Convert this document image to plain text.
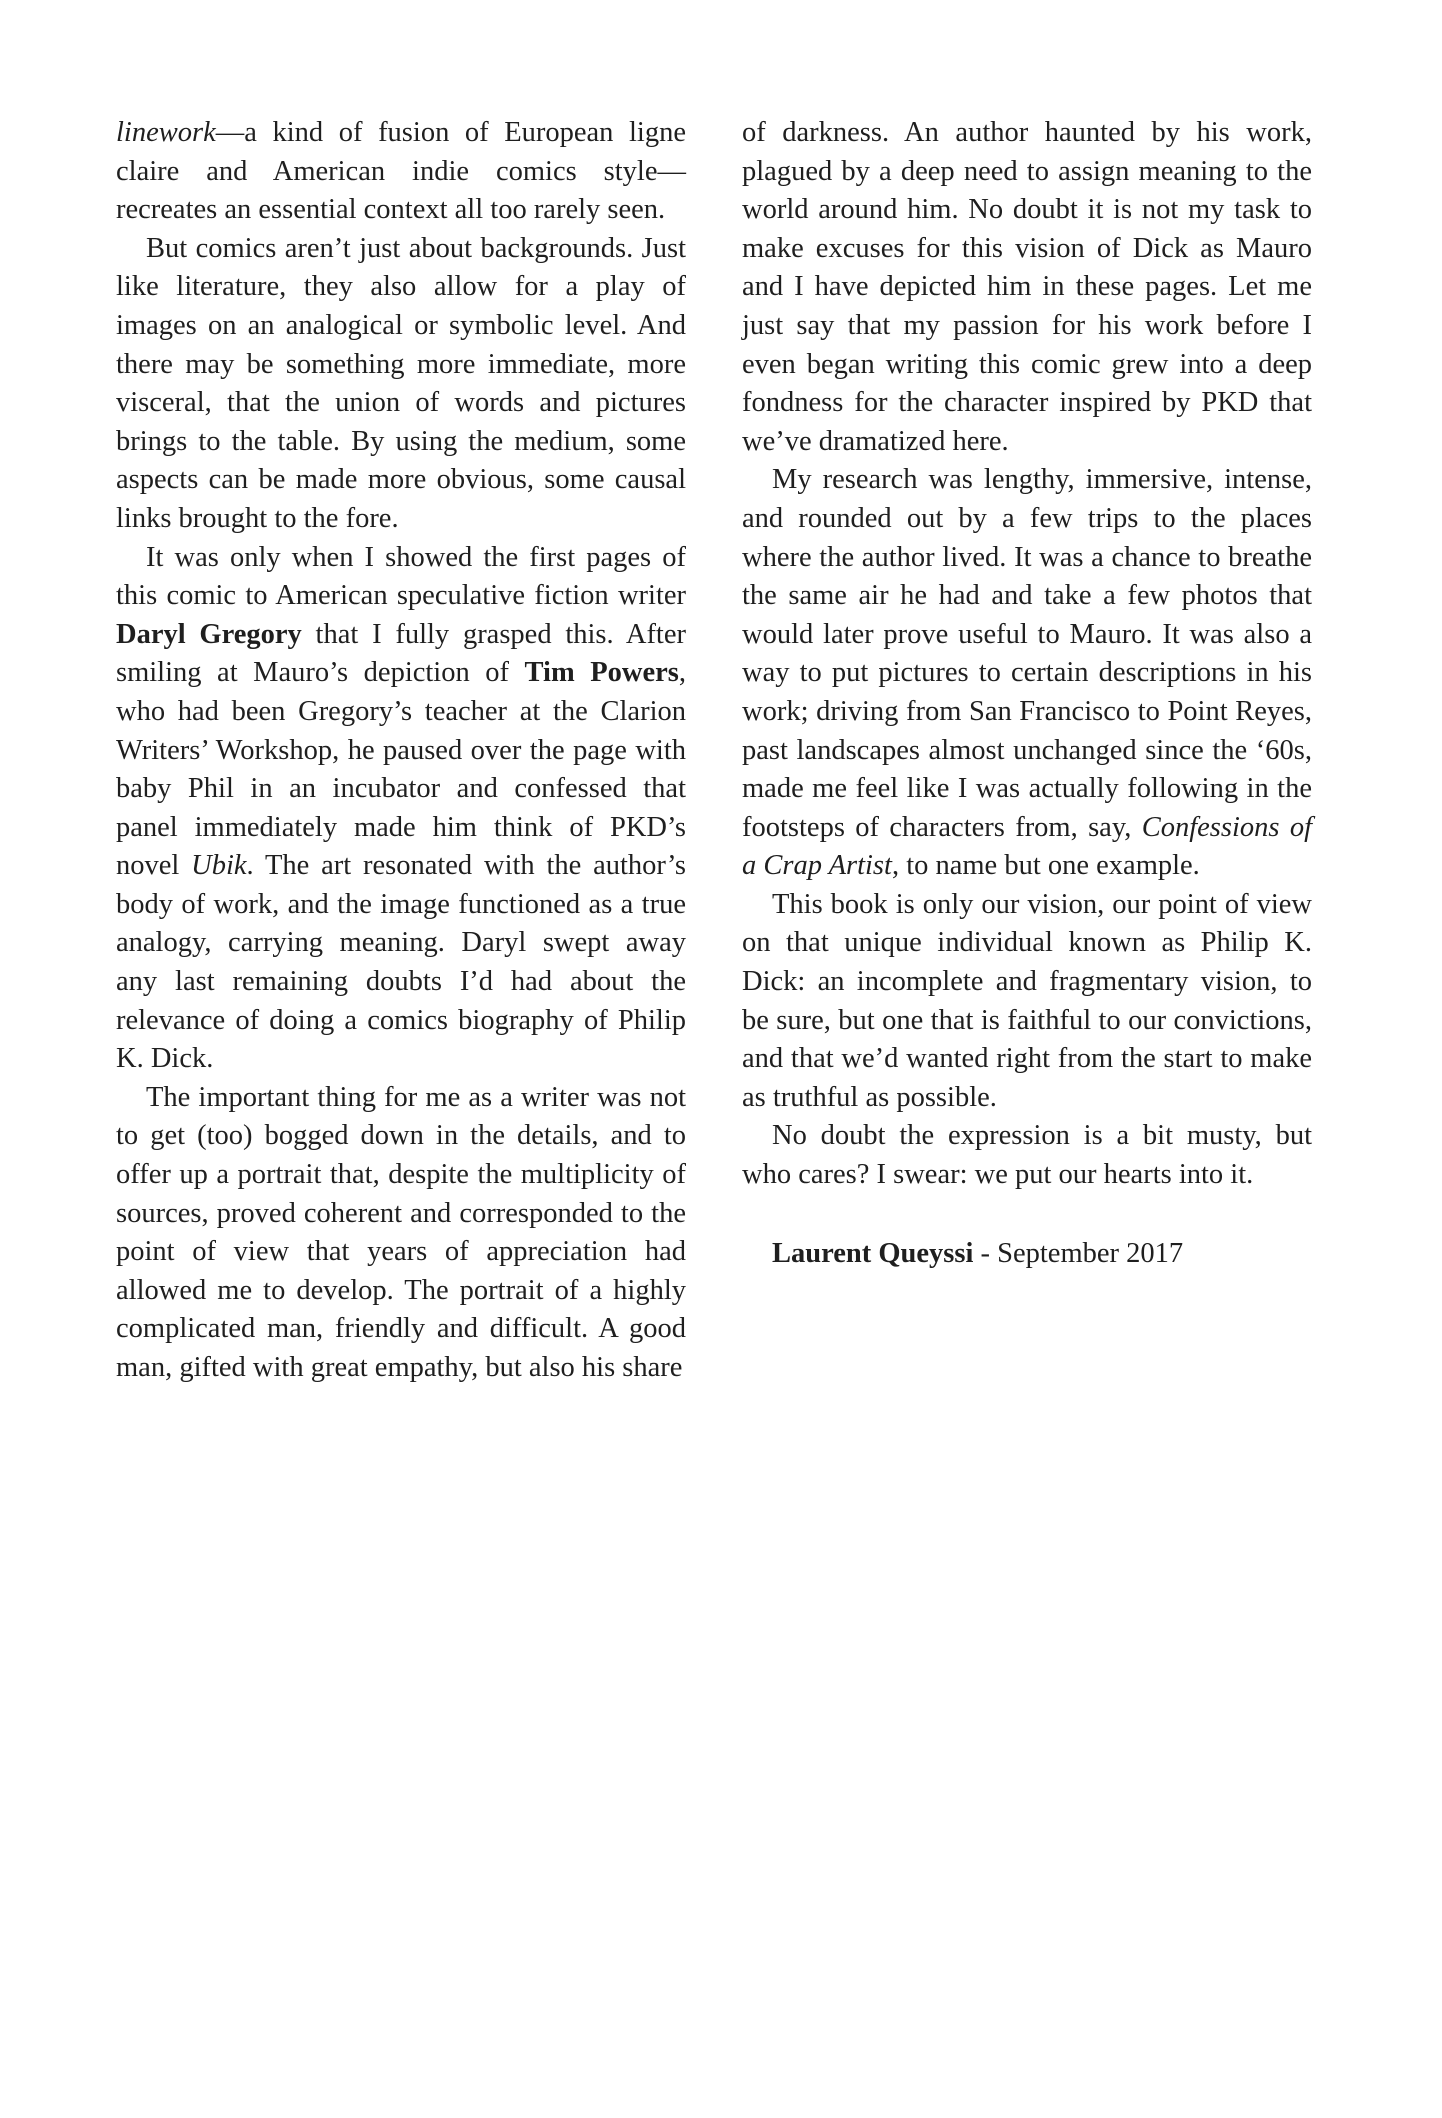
linework—a kind of fusion of European ligne claire and American indie comics style—recreates an essential context all too rarely seen.

But comics aren’t just about backgrounds. Just like literature, they also allow for a play of images on an analogical or symbolic level. And there may be something more immediate, more visceral, that the union of words and pictures brings to the table. By using the medium, some aspects can be made more obvious, some causal links brought to the fore.

It was only when I showed the first pages of this comic to American speculative fiction writer Daryl Gregory that I fully grasped this. After smiling at Mauro’s depiction of Tim Powers, who had been Gregory’s teacher at the Clarion Writers’ Workshop, he paused over the page with baby Phil in an incubator and confessed that panel immediately made him think of PKD’s novel Ubik. The art resonated with the author’s body of work, and the image functioned as a true analogy, carrying meaning. Daryl swept away any last remaining doubts I’d had about the relevance of doing a comics biography of Philip K. Dick.

The important thing for me as a writer was not to get (too) bogged down in the details, and to offer up a portrait that, despite the multiplicity of sources, proved coherent and corresponded to the point of view that years of appreciation had allowed me to develop. The portrait of a highly complicated man, friendly and difficult. A good man, gifted with great empathy, but also his share

of darkness. An author haunted by his work, plagued by a deep need to assign meaning to the world around him. No doubt it is not my task to make excuses for this vision of Dick as Mauro and I have depicted him in these pages. Let me just say that my passion for his work before I even began writing this comic grew into a deep fondness for the character inspired by PKD that we’ve dramatized here.

My research was lengthy, immersive, intense, and rounded out by a few trips to the places where the author lived. It was a chance to breathe the same air he had and take a few photos that would later prove useful to Mauro. It was also a way to put pictures to certain descriptions in his work; driving from San Francisco to Point Reyes, past landscapes almost unchanged since the ‘60s, made me feel like I was actually following in the footsteps of characters from, say, Confessions of a Crap Artist, to name but one example.

This book is only our vision, our point of view on that unique individual known as Philip K. Dick: an incomplete and fragmentary vision, to be sure, but one that is faithful to our convictions, and that we’d wanted right from the start to make as truthful as possible.

No doubt the expression is a bit musty, but who cares? I swear: we put our hearts into it.

Laurent Queyssi - September 2017
